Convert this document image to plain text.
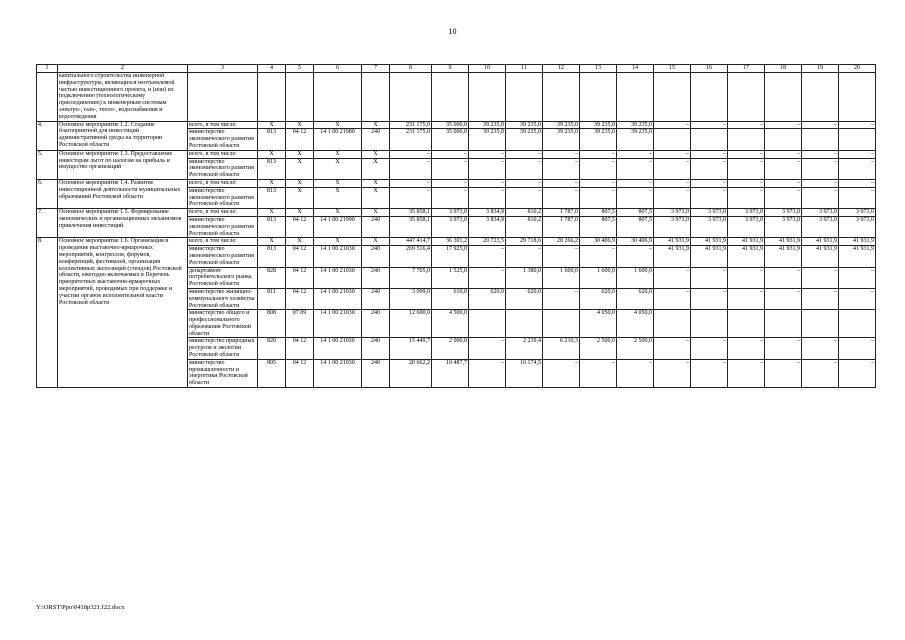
10
1	2	3	4	5	6	7	8	9	10	11	12	13	14	15	16	17	18	19	20
	капитального строительства инженерной инфраструктуры, являющихся неотъемлемой частью инвестиционного проекта, и (или) их подключению (технологическому присоединению) к инженерным системам электро-, газо-, тепло-, водоснабжения и водоотведения																		
4.	Основное мероприятие 1.2. Создание благоприятной для инвестиций административной среды на территории Ростовской области	всего, в том числе:	X	X	X	X	231 175,0	35 000,0	39 235,0	39 235,0	39 235,0	39 235,0	39 235,0	–	–	–	–	–	–
		министерство экономического развития Ростовской области	813	04 12	14 1 00 21980	240	231 175,0	35 000,0	39 235,0	39 235,0	39 235,0	39 235,0	39 235,0						
5.	Основное мероприятие 1.3. Предоставление инвесторам льгот по налогам на прибыль и имущество организаций	всего, в том числе:	X	X	X	X	–	–	–	–	–	–	–	–	–	–	–	–	–
		министерство экономического развития Ростовской области	813	X	X	X	–	–	–	–	–	–	–	–	–	–	–	–	–
6.	Основное мероприятие 1.4. Развитие инвестиционной деятельности муниципальных образований Ростовской области	всего, в том числе:	X	X	X	X	–	–	–	–	–	–	–	–	–	–	–	–	–
		министерство экономического развития Ростовской области	813	X	X	X	–	–	–	–	–	–	–	–	–	–	–	–	–
7.	Основное мероприятие 1.5. Формирование экономических и организационных механизмов привлечения инвестиций	всего, в том числе:	X	X	X	X	35 858,1	3 973,0	3 834,9	810,2	1 787,0	807,5	807,5	3 973,0	3 973,0	3 973,0	3 973,0	3 973,0	3 973,0
		министерство экономического развития Ростовской области	813	04 12	14 1 00 21990	240	35 858,1	3 973,0	3 834,9	810,2	1 787,0	807,5	807,5	3 973,0	3 973,0	3 973,0	3 973,0	3 973,0	3 973,0
8.	Основное мероприятие 1.6. Организация и проведение выставочно-ярмарочных мероприятий, конгрессов, форумов, конференций, фестивалей, организация коллективных экспозиций (стендов) Ростовской области, ежегодно включаемых в Перечень приоритетных выставочно-ярмарочных мероприятий, проводимых при поддержке и участии органов исполнительной власти Ростовской области	всего, в том числе:	X	X	X	X	447 414,7	36 301,2	20 723,5	29 718,6	28 266,2	30 406,9	30 406,9	41 931,9	41 931,9	41 931,9	41 931,9	41 931,9	41 931,9
		министерство экономического развития Ростовской области	813	04 12	14 1 00 21030	240	269 516,4	17 925,0	–	–	–	–	–	41 931,9	41 931,9	41 931,9	41 931,9	41 931,9	41 931,9
		департамент потребительского рынка Ростовской области	828	04 12	14 1 00 21030	240	7 705,0	1 525,0	–	1 380,0	1 600,0	1 600,0	1 600,0	–	–	–	–	–	–
		министерство жилищно-коммунального хозяйства Ростовской области	811	04 12	14 1 00 21030	240	3 099,0	619,0	620,0	620,0	–	620,0	620,0	–	–	–	–	–	–
		министерство общего и профессионального образования Ростовской области	808	07 09	14 1 00 21030	240	12 600,0	4 500,0				4 050,0	4 050,0						
		министерство природных ресурсов и экологии Ростовской области	820	04 12	14 1 00 21030	240	15 449,7	2 000,0	–	2 239,4	6 210,3	2 500,0	2 500,0	–	–	–	–	–	–
		министерство промышленности и энергетики Ростовской области	805	04 12	14 1 00 21030	240	20 662,2	10 487,7	–	10 174,5	–	–	–	–	–	–	–	–	–
Y:\ORST\Ppo\0418p321.f22.docx
